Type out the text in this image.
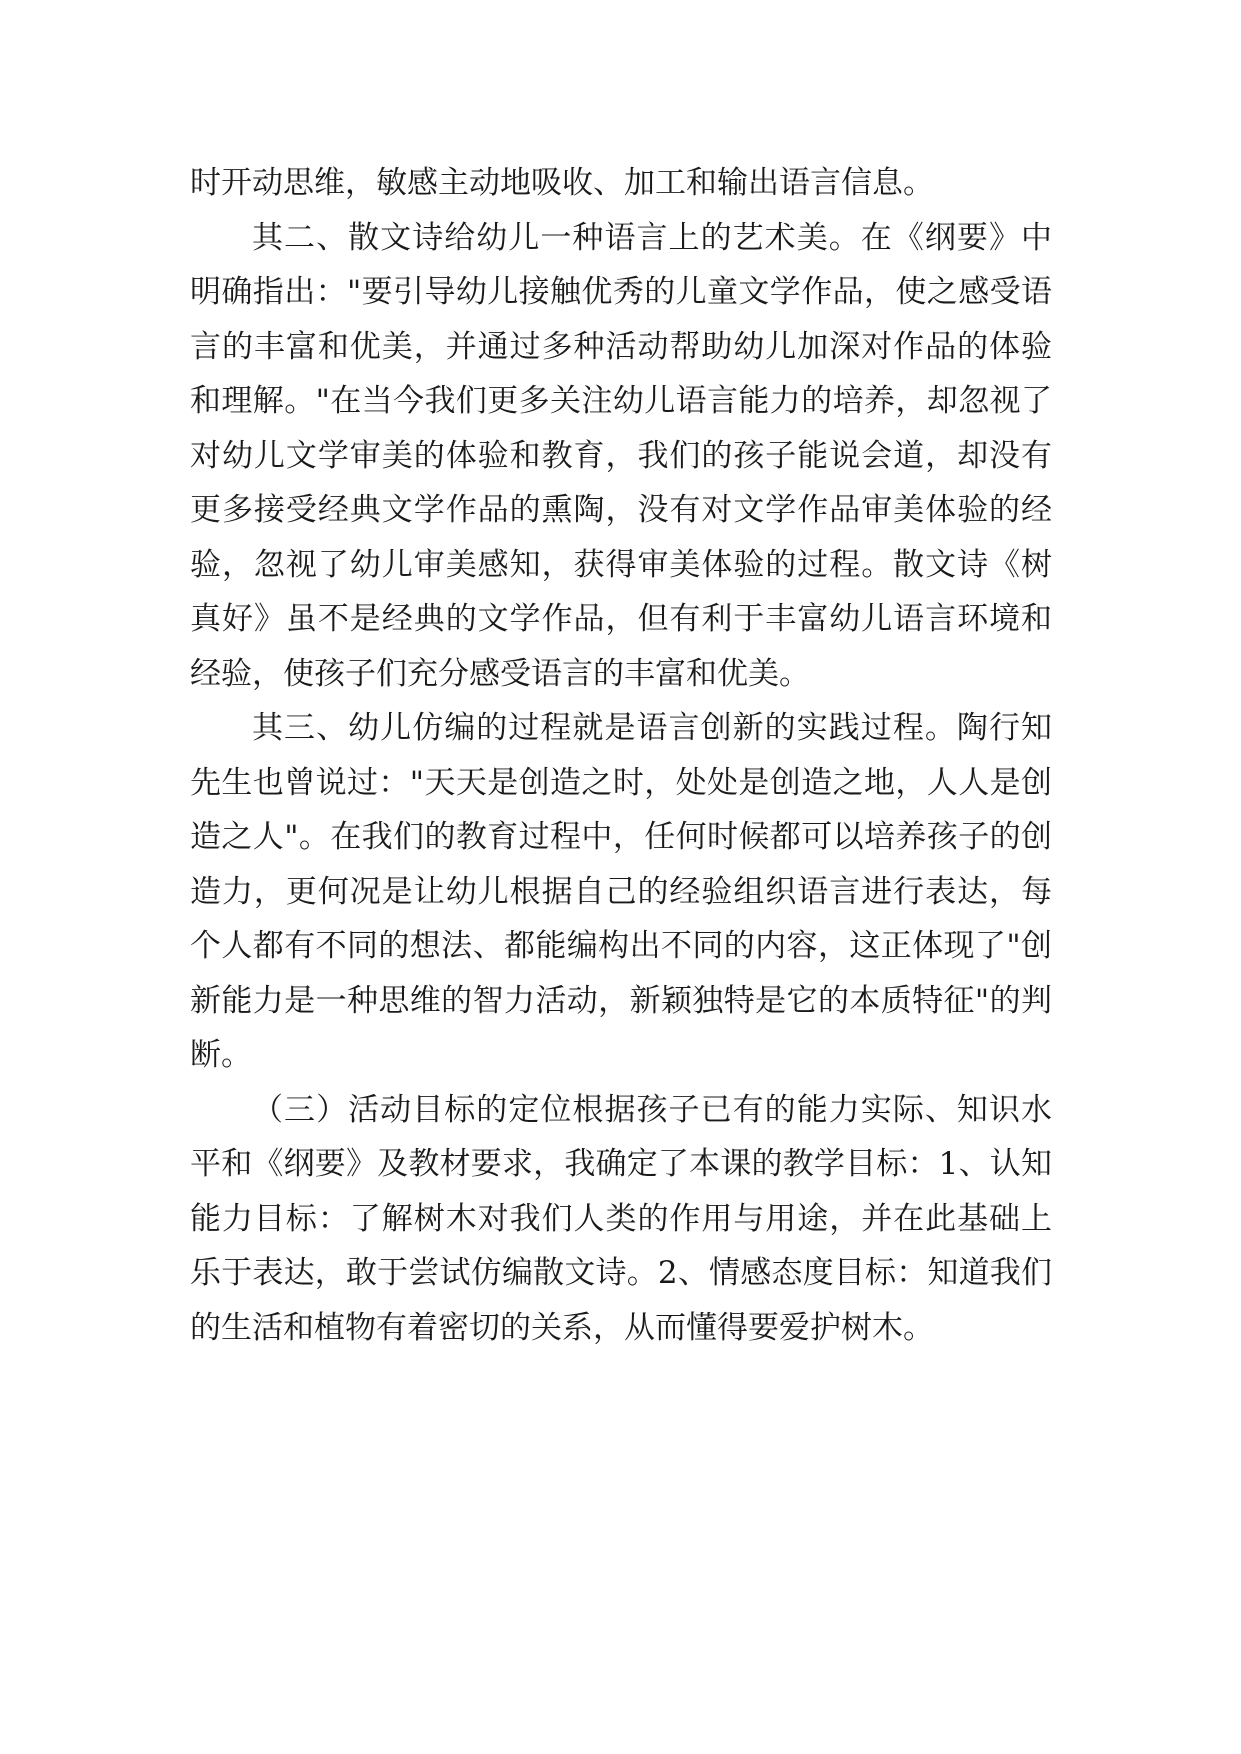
时开动思维，敏感主动地吸收、加工和输出语言信息。

其二、散文诗给幼儿一种语言上的艺术美。在《纲要》中明确指出："要引导幼儿接触优秀的儿童文学作品，使之感受语言的丰富和优美，并通过多种活动帮助幼儿加深对作品的体验和理解。"在当今我们更多关注幼儿语言能力的培养，却忽视了对幼儿文学审美的体验和教育，我们的孩子能说会道，却没有更多接受经典文学作品的熏陶，没有对文学作品审美体验的经验，忽视了幼儿审美感知，获得审美体验的过程。散文诗《树真好》虽不是经典的文学作品，但有利于丰富幼儿语言环境和经验，使孩子们充分感受语言的丰富和优美。

其三、幼儿仿编的过程就是语言创新的实践过程。陶行知先生也曾说过："天天是创造之时，处处是创造之地，人人是创造之人"。在我们的教育过程中，任何时候都可以培养孩子的创造力，更何况是让幼儿根据自己的经验组织语言进行表达，每个人都有不同的想法、都能编构出不同的内容，这正体现了"创新能力是一种思维的智力活动，新颖独特是它的本质特征"的判断。

（三）活动目标的定位根据孩子已有的能力实际、知识水平和《纲要》及教材要求，我确定了本课的教学目标：1、认知能力目标：了解树木对我们人类的作用与用途，并在此基础上乐于表达，敢于尝试仿编散文诗。2、情感态度目标：知道我们的生活和植物有着密切的关系，从而懂得要爱护树木。
